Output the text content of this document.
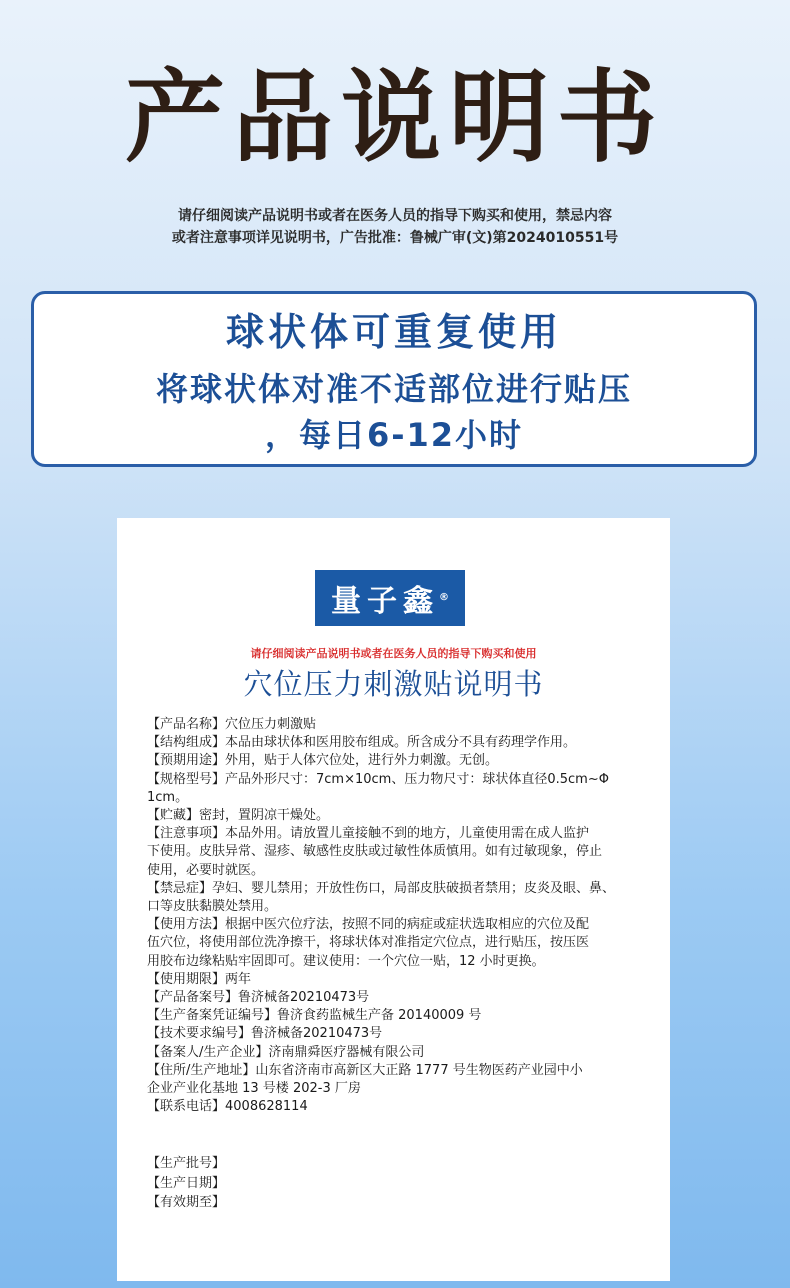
产品说明书
请仔细阅读产品说明书或者在医务人员的指导下购买和使用，禁忌内容
或者注意事项详见说明书，广告批准：鲁械广审(文)第2024010551号
球状体可重复使用
将球状体对准不适部位进行贴压
，每日6-12小时
量子鑫®
请仔细阅读产品说明书或者在医务人员的指导下购买和使用
穴位压力刺激贴说明书
【产品名称】穴位压力刺激贴
【结构组成】本品由球状体和医用胶布组成。所含成分不具有药理学作用。
【预期用途】外用，贴于人体穴位处，进行外力刺激。无创。
【规格型号】产品外形尺寸：7cm×10cm、压力物尺寸：球状体直径0.5cm~Φ
1cm。
【贮藏】密封，置阴凉干燥处。
【注意事项】本品外用。请放置儿童接触不到的地方，儿童使用需在成人监护
下使用。皮肤异常、湿疹、敏感性皮肤或过敏性体质慎用。如有过敏现象，停止
使用，必要时就医。
【禁忌症】孕妇、婴儿禁用；开放性伤口，局部皮肤破损者禁用；皮炎及眼、鼻、
口等皮肤黏膜处禁用。
【使用方法】根据中医穴位疗法，按照不同的病症或症状选取相应的穴位及配
伍穴位，将使用部位洗净擦干，将球状体对准指定穴位点，进行贴压，按压医
用胶布边缘粘贴牢固即可。建议使用：一个穴位一贴，12 小时更换。
【使用期限】两年
【产品备案号】鲁济械备20210473号
【生产备案凭证编号】鲁济食药监械生产备 20140009 号
【技术要求编号】鲁济械备20210473号
【备案人/生产企业】济南鼎舜医疗器械有限公司
【住所/生产地址】山东省济南市高新区大正路 1777 号生物医药产业园中小
企业产业化基地 13 号楼 202-3 厂房
【联系电话】4008628114
【生产批号】
【生产日期】
【有效期至】
